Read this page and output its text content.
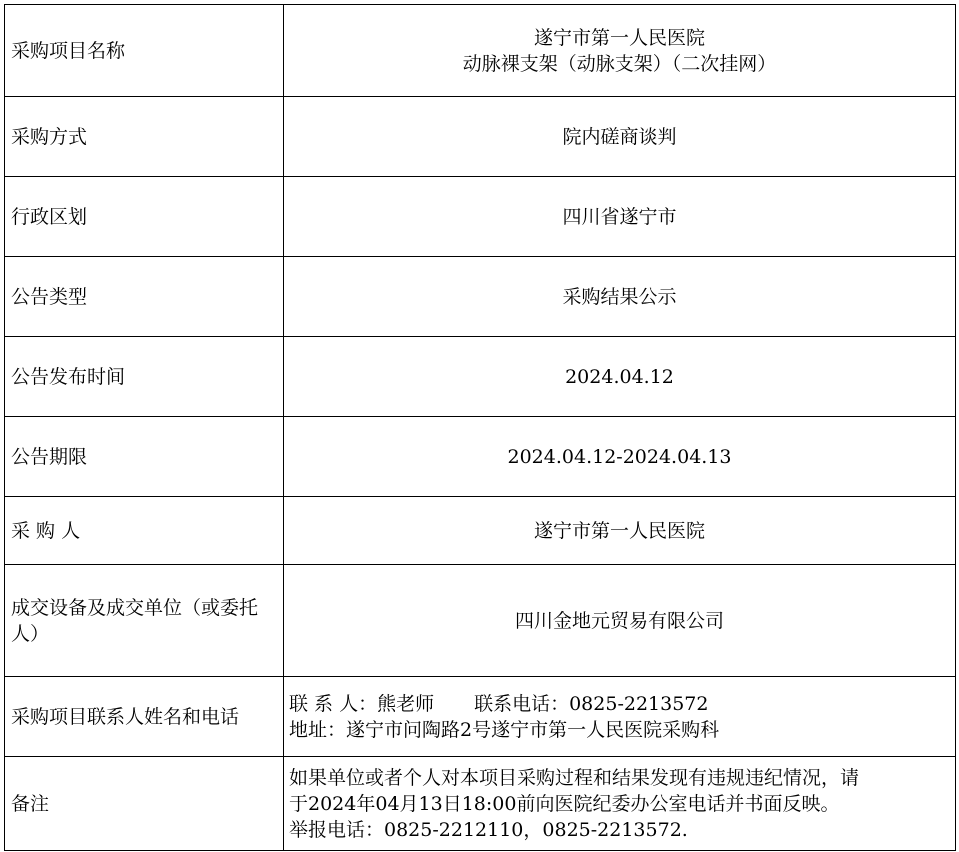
采购项目名称	遂宁市第一人民医院
动脉裸支架（动脉支架）（二次挂网）

采购方式	院内磋商谈判
行政区划	四川省遂宁市
公告类型	采购结果公示
公告发布时间	2024.04.12
公告期限	2024.04.12-2024.04.13
采 购 人	遂宁市第一人民医院
成交设备及成交单位（或委托人）	四川金地元贸易有限公司
采购项目联系人姓名和电话	联 系 人：熊老师 联系电话：0825-2213572
地址：遂宁市问陶路2号遂宁市第一人民医院采购科

备注	如果单位或者个人对本项目采购过程和结果发现有违规违纪情况，请
于2024年04月13日18:00前向医院纪委办公室电话并书面反映。
举报电话：0825-2212110，0825-2213572.
